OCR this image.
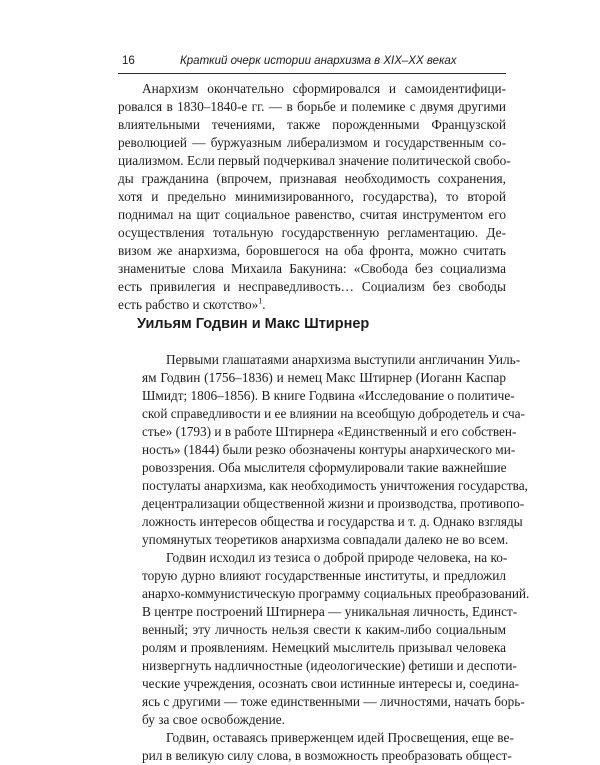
16	Краткий очерк истории анархизма в XIX–XX веках
Анархизм окончательно сформировался и самоидентифици-
ровался в 1830–1840-е гг. — в борьбе и полемике с двумя другими
влиятельными течениями, также порожденными Французской
революцией — буржуазным либерализмом и государственным со-
циализмом. Если первый подчеркивал значение политической свобо-
ды гражданина (впрочем, признавая необходимость сохранения,
хотя и предельно минимизированного, государства), то второй
поднимал на щит социальное равенство, считая инструментом его
осуществления тотальную государственную регламентацию. Де-
визом же анархизма, боровшегося на оба фронта, можно считать
знаменитые слова Михаила Бакунина: «Свобода без социализма
есть привилегия и несправедливость… Социализм без свободы
есть рабство и скотство»$^1$.
Уильям Годвин и Макс Штирнер
Первыми глашатаями анархизма выступили англичанин Уиль-
ям Годвин (1756–1836) и немец Макс Штирнер (Иоганн Каспар
Шмидт; 1806–1856). В книге Годвина «Исследование о политиче-
ской справедливости и ее влиянии на всеобщую добродетель и сча-
стье» (1793) и в работе Штирнера «Единственный и его собствен-
ность» (1844) были резко обозначены контуры анархического ми-
ровоззрения. Оба мыслителя сформулировали такие важнейшие
постулаты анархизма, как необходимость уничтожения государства,
децентрализации общественной жизни и производства, противопо-
ложность интересов общества и государства и т. д. Однако взгляды
упомянутых теоретиков анархизма совпадали далеко не во всем.
Годвин исходил из тезиса о доброй природе человека, на ко-
торую дурно влияют государственные институты, и предложил
анархо-коммунистическую программу социальных преобразований.
В центре построений Штирнера — уникальная личность, Единст-
венный; эту личность нельзя свести к каким-либо социальным
ролям и проявлениям. Немецкий мыслитель призывал человека
низвергнуть надличностные (идеологические) фетиши и деспоти-
ческие учреждения, осознать свои истинные интересы и, соедина-
ясь с другими — тоже единственными — личностями, начать борь-
бу за свое освобождение.
Годвин, оставаясь приверженцем идей Просвещения, еще ве-
рил в великую силу слова, в возможность преобразовать общест-
